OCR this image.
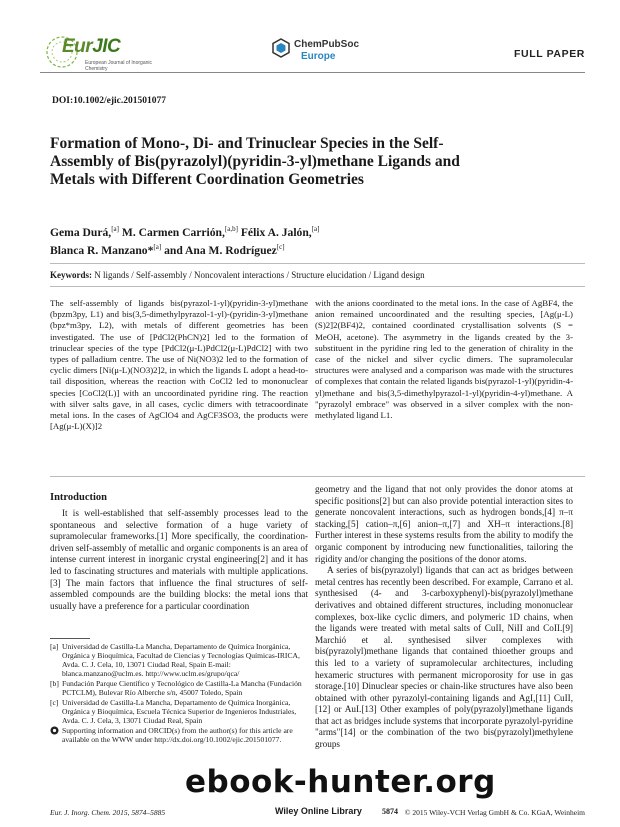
EurJIC
European Journal of Inorganic Chemistry
ChemPubSoc
Europe	FULL PAPER
DOI:10.1002/ejic.201501077
Formation of Mono-, Di- and Trinuclear Species in the Self-Assembly of Bis(pyrazolyl)(pyridin-3-yl)methane Ligands and Metals with Different Coordination Geometries
Gema Durá,[a] M. Carmen Carrión,[a,b] Félix A. Jalón,[a]
Blanca R. Manzano*[a] and Ana M. Rodríguez[c]
Keywords: N ligands / Self-assembly / Noncovalent interactions / Structure elucidation / Ligand design
The self-assembly of ligands bis(pyrazol-1-yl)(pyridin-3-yl)methane (bpzm3py, L1) and bis(3,5-dimethylpyrazol-1-yl)-(pyridin-3-yl)methane (bpz*m3py, L2), with metals of different geometries has been investigated. The use of [PdCl2(PhCN)2] led to the formation of trinuclear species of the type [PdCl2(μ-L)PdCl2(μ-L)PdCl2] with two types of palladium centre. The use of Ni(NO3)2 led to the formation of cyclic dimers [Ni(μ-L)(NO3)2]2, in which the ligands L adopt a head-to-tail disposition, whereas the reaction with CoCl2 led to mononuclear species [CoCl2(L)] with an uncoordinated pyridine ring. The reaction with silver salts gave, in all cases, cyclic dimers with tetracoordinate metal ions. In the cases of AgClO4 and AgCF3SO3, the products were [Ag(μ-L)(X)]2
with the anions coordinated to the metal ions. In the case of AgBF4, the anion remained uncoordinated and the resulting species, [Ag(μ-L)(S)2]2(BF4)2, contained coordinated crystallisation solvents (S = MeOH, acetone). The asymmetry in the ligands created by the 3-substituent in the pyridine ring led to the generation of chirality in the case of the nickel and silver cyclic dimers. The supramolecular structures were analysed and a comparison was made with the structures of complexes that contain the related ligands bis(pyrazol-1-yl)(pyridin-4-yl)methane and bis(3,5-dimethylpyrazol-1-yl)(pyridin-4-yl)methane. A "pyrazolyl embrace" was observed in a silver complex with the non-methylated ligand L1.
Introduction

It is well-established that self-assembly processes lead to the spontaneous and selective formation of a huge variety of supramolecular frameworks.[1] More specifically, the coordination-driven self-assembly of metallic and organic components is an area of intense current interest in inorganic crystal engineering[2] and it has led to fascinating structures and materials with multiple applications.[3] The main factors that influence the final structures of self-assembled compounds are the building blocks: the metal ions that usually have a preference for a particular coordination

geometry and the ligand that not only provides the donor atoms at specific positions[2] but can also provide potential interaction sites to generate noncovalent interactions, such as hydrogen bonds,[4] π–π stacking,[5] cation–π,[6] anion–π,[7] and XH–π interactions.[8] Further interest in these systems results from the ability to modify the organic component by introducing new functionalities, tailoring the rigidity and/or changing the positions of the donor atoms.

A series of bis(pyrazolyl) ligands that can act as bridges between metal centres has recently been described. For example, Carrano et al. synthesised (4- and 3-carboxyphenyl)-bis(pyrazolyl)methane derivatives and obtained different structures, including mononuclear complexes, box-like cyclic dimers, and polymeric 1D chains, when the ligands were treated with metal salts of CuII, NiII and CoII.[9] Marchió et al. synthesised silver complexes with bis(pyrazolyl)methane ligands that contained thioether groups and this led to a variety of supramolecular architectures, including hexameric structures with permanent microporosity for use in gas storage.[10] Dinuclear species or chain-like structures have also been obtained with other pyrazolyl-containing ligands and AgI,[11] CuII,[12] or AuI.[13] Other examples of poly(pyrazolyl)methane ligands that act as bridges include systems that incorporate pyrazolyl-pyridine "arms"[14] or the combination of the two bis(pyrazolyl)methylene groups

[a] Universidad de Castilla-La Mancha, Departamento de Química Inorgánica, Orgánica y Bioquímica, Facultad de Ciencias y Tecnologías Químicas-IRICA, Avda. C. J. Cela, 10, 13071 Ciudad Real, Spain E-mail: blanca.manzano@uclm.es. http://www.uclm.es/grupo/qca/
[b] Fundación Parque Científico y Tecnológico de Castilla-La Mancha (Fundación PCTCLM), Bulevar Río Alberche s/n, 45007 Toledo, Spain
[c] Universidad de Castilla-La Mancha, Departamento de Química Inorgánica, Orgánica y Bioquímica, Escuela Técnica Superior de Ingenieros Industriales, Avda. C. J. Cela, 3, 13071 Ciudad Real, Spain
Supporting information and ORCID(s) from the author(s) for this article are available on the WWW under http://dx.doi.org/10.1002/ejic.201501077.
Eur. J. Inorg. Chem. 2015, 5874–5885	Wiley Online Library	5874 © 2015 Wiley-VCH Verlag GmbH & Co. KGaA, Weinheim
ebook-hunter.org
